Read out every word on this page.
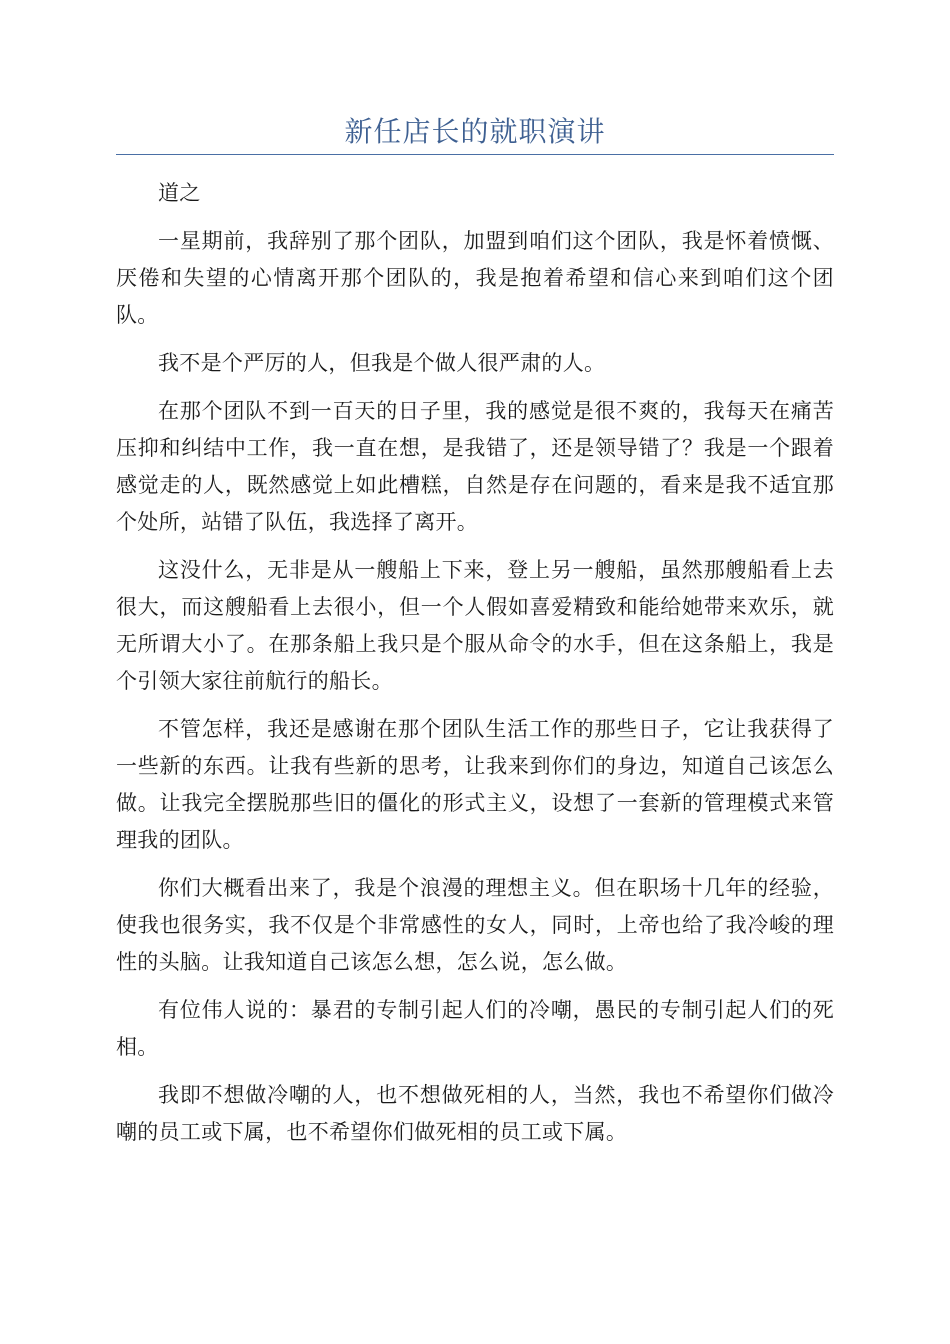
新任店长的就职演讲

道之

一星期前，我辞别了那个团队，加盟到咱们这个团队，我是怀着愤慨、厌倦和失望的心情离开那个团队的，我是抱着希望和信心来到咱们这个团队。

我不是个严厉的人，但我是个做人很严肃的人。

在那个团队不到一百天的日子里，我的感觉是很不爽的，我每天在痛苦压抑和纠结中工作，我一直在想，是我错了，还是领导错了？我是一个跟着感觉走的人，既然感觉上如此槽糕，自然是存在问题的，看来是我不适宜那个处所，站错了队伍，我选择了离开。

这没什么，无非是从一艘船上下来，登上另一艘船，虽然那艘船看上去很大，而这艘船看上去很小，但一个人假如喜爱精致和能给她带来欢乐，就无所谓大小了。在那条船上我只是个服从命令的水手，但在这条船上，我是个引领大家往前航行的船长。

不管怎样，我还是感谢在那个团队生活工作的那些日子，它让我获得了一些新的东西。让我有些新的思考，让我来到你们的身边，知道自己该怎么做。让我完全摆脱那些旧的僵化的形式主义，设想了一套新的管理模式来管理我的团队。

你们大概看出来了，我是个浪漫的理想主义。但在职场十几年的经验，使我也很务实，我不仅是个非常感性的女人，同时，上帝也给了我冷峻的理性的头脑。让我知道自己该怎么想，怎么说，怎么做。

有位伟人说的：暴君的专制引起人们的冷嘲，愚民的专制引起人们的死相。

我即不想做冷嘲的人，也不想做死相的人，当然，我也不希望你们做冷嘲的员工或下属，也不希望你们做死相的员工或下属。
